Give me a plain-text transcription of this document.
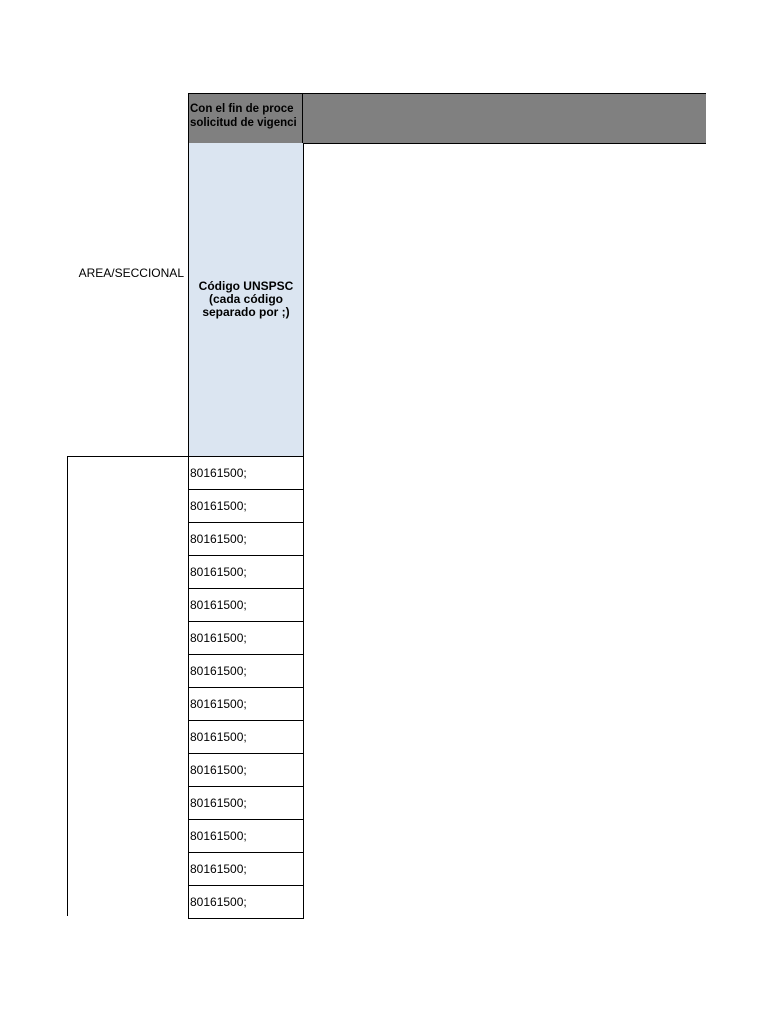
Con el fin de proce
solicitud de vigenci
AREA/SECCIONAL
Código UNSPSC
(cada código
separado por ;)
80161500;
80161500;
80161500;
80161500;
80161500;
80161500;
80161500;
80161500;
80161500;
80161500;
80161500;
80161500;
80161500;
80161500;
